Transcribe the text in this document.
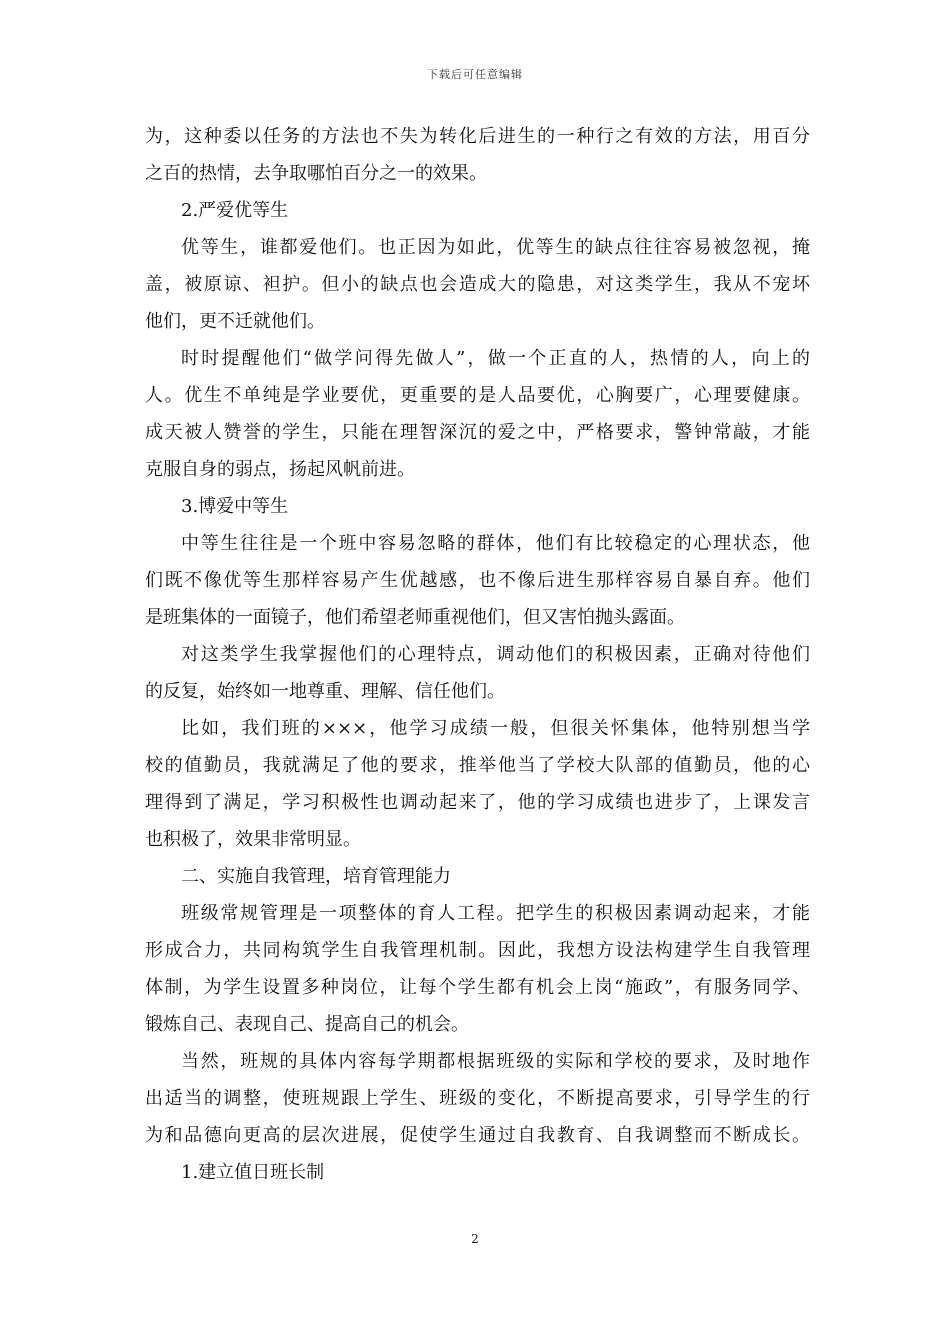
下载后可任意编辑
为，这种委以任务的方法也不失为转化后进生的一种行之有效的方法，用百分
之百的热情，去争取哪怕百分之一的效果。
2.严爱优等生
优等生，谁都爱他们。也正因为如此，优等生的缺点往往容易被忽视，掩
盖，被原谅、袒护。但小的缺点也会造成大的隐患，对这类学生，我从不宠坏
他们，更不迁就他们。
时时提醒他们“做学问得先做人”，做一个正直的人，热情的人，向上的
人。优生不单纯是学业要优，更重要的是人品要优，心胸要广，心理要健康。
成天被人赞誉的学生，只能在理智深沉的爱之中，严格要求，警钟常敲，才能
克服自身的弱点，扬起风帆前进。
3.博爱中等生
中等生往往是一个班中容易忽略的群体，他们有比较稳定的心理状态，他
们既不像优等生那样容易产生优越感，也不像后进生那样容易自暴自弃。他们
是班集体的一面镜子，他们希望老师重视他们，但又害怕抛头露面。
对这类学生我掌握他们的心理特点，调动他们的积极因素，正确对待他们
的反复，始终如一地尊重、理解、信任他们。
比如，我们班的×××，他学习成绩一般，但很关怀集体，他特别想当学
校的值勤员，我就满足了他的要求，推举他当了学校大队部的值勤员，他的心
理得到了满足，学习积极性也调动起来了，他的学习成绩也进步了，上课发言
也积极了，效果非常明显。
二、实施自我管理，培育管理能力
班级常规管理是一项整体的育人工程。把学生的积极因素调动起来，才能
形成合力，共同构筑学生自我管理机制。因此，我想方设法构建学生自我管理
体制，为学生设置多种岗位，让每个学生都有机会上岗“施政”，有服务同学、
锻炼自己、表现自己、提高自己的机会。
当然，班规的具体内容每学期都根据班级的实际和学校的要求，及时地作
出适当的调整，使班规跟上学生、班级的变化，不断提高要求，引导学生的行
为和品德向更高的层次进展，促使学生通过自我教育、自我调整而不断成长。
1.建立值日班长制
2
